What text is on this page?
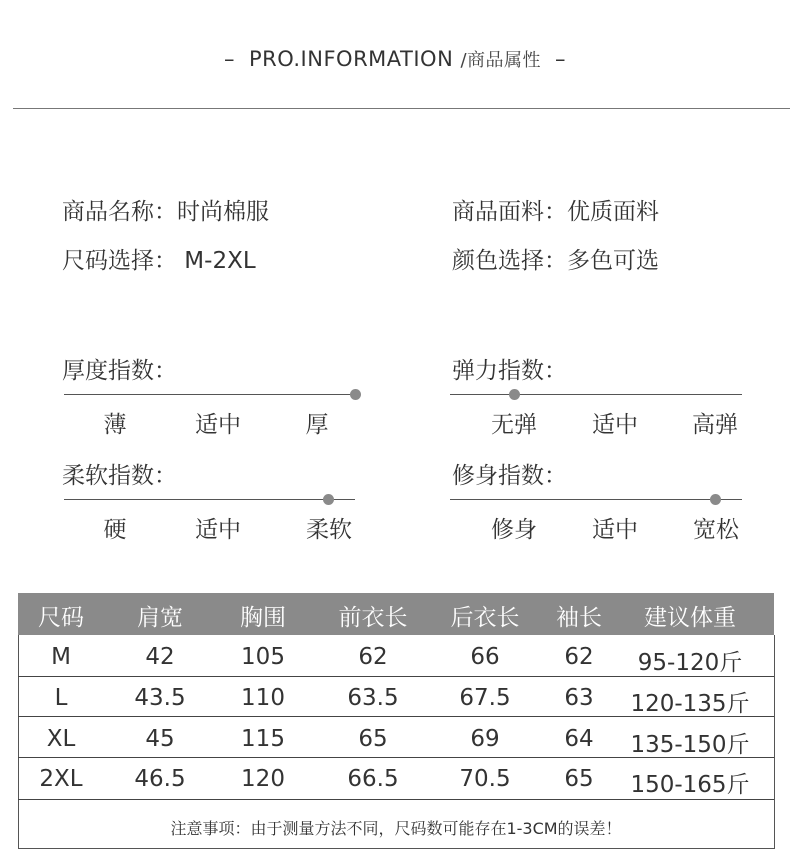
– PRO.INFORMATION /商品属性 –
商品名称：时尚棉服	商品面料：优质面料
尺码选择： M-2XL	颜色选择：多色可选
厚度指数：
薄	适中	厚
弹力指数：
无弹 适中 高弹
柔软指数：
硬	适中	柔软
修身指数：
修身 适中 宽松
尺码 肩宽 胸围 前衣长 后衣长 袖长 建议体重
M	42	105	62	66	62 95-120斤
L	43.5 110	63.5	67.5 63 120-135斤
XL	45	115	65	69	64 135-150斤
2XL 46.5 120	66.5	70.5 65 150-165斤
注意事项：由于测量方法不同，尺码数可能存在1-3CM的误差！
